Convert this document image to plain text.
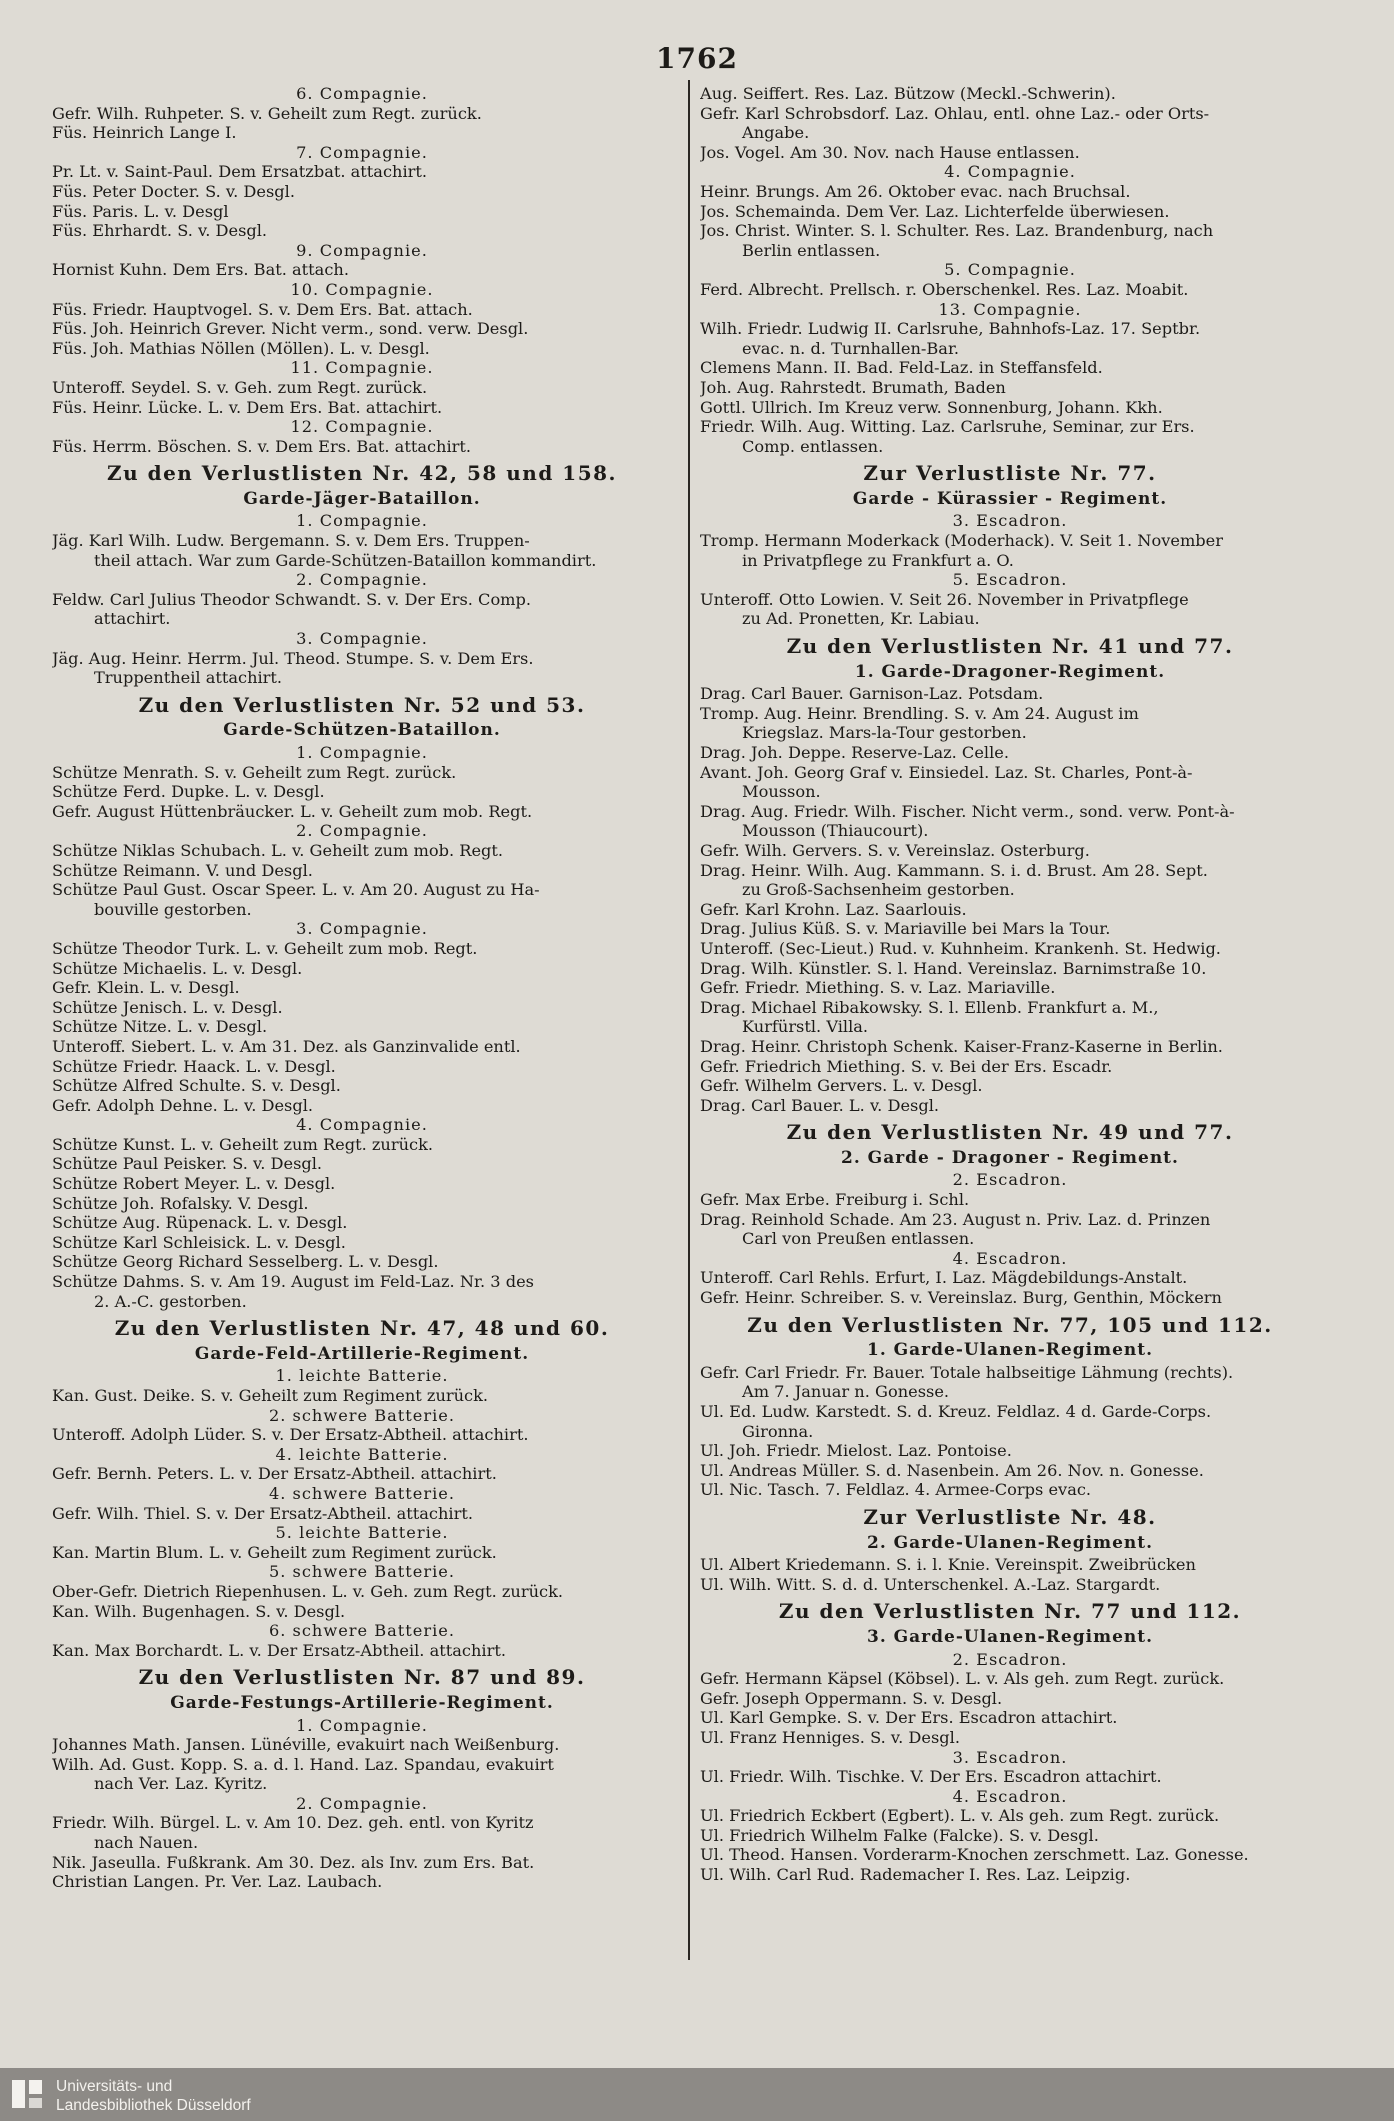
1762
6. Compagnie.
Gefr. Wilh. Ruhpeter. S. v. Geheilt zum Regt. zurück.
Füs. Heinrich Lange I.
7. Compagnie.
Pr. Lt. v. Saint-Paul. Dem Ersatzbat. attachirt.
Füs. Peter Docter. S. v. Desgl.
Füs. Paris. L. v. Desgl
Füs. Ehrhardt. S. v. Desgl.
9. Compagnie.
Hornist Kuhn. Dem Ers. Bat. attach.
10. Compagnie.
Füs. Friedr. Hauptvogel. S. v. Dem Ers. Bat. attach.
Füs. Joh. Heinrich Grever. Nicht verm., sond. verw. Desgl.
Füs. Joh. Mathias Nöllen (Möllen). L. v. Desgl.
11. Compagnie.
Unteroff. Seydel. S. v. Geh. zum Regt. zurück.
Füs. Heinr. Lücke. L. v. Dem Ers. Bat. attachirt.
12. Compagnie.
Füs. Herrm. Böschen. S. v. Dem Ers. Bat. attachirt.
Zu den Verlustlisten Nr. 42, 58 und 158.
Garde-Jäger-Bataillon.
1. Compagnie.
Jäg. Karl Wilh. Ludw. Bergemann. S. v. Dem Ers. Truppen-
theil attach. War zum Garde-Schützen-Bataillon kommandirt.
2. Compagnie.
Feldw. Carl Julius Theodor Schwandt. S. v. Der Ers. Comp.
attachirt.
3. Compagnie.
Jäg. Aug. Heinr. Herrm. Jul. Theod. Stumpe. S. v. Dem Ers.
Truppentheil attachirt.
Zu den Verlustlisten Nr. 52 und 53.
Garde-Schützen-Bataillon.
1. Compagnie.
Schütze Menrath. S. v. Geheilt zum Regt. zurück.
Schütze Ferd. Dupke. L. v. Desgl.
Gefr. August Hüttenbräucker. L. v. Geheilt zum mob. Regt.
2. Compagnie.
Schütze Niklas Schubach. L. v. Geheilt zum mob. Regt.
Schütze Reimann. V. und Desgl.
Schütze Paul Gust. Oscar Speer. L. v. Am 20. August zu Ha-
bouville gestorben.
3. Compagnie.
Schütze Theodor Turk. L. v. Geheilt zum mob. Regt.
Schütze Michaelis. L. v. Desgl.
Gefr. Klein. L. v. Desgl.
Schütze Jenisch. L. v. Desgl.
Schütze Nitze. L. v. Desgl.
Unteroff. Siebert. L. v. Am 31. Dez. als Ganzinvalide entl.
Schütze Friedr. Haack. L. v. Desgl.
Schütze Alfred Schulte. S. v. Desgl.
Gefr. Adolph Dehne. L. v. Desgl.
4. Compagnie.
Schütze Kunst. L. v. Geheilt zum Regt. zurück.
Schütze Paul Peisker. S. v. Desgl.
Schütze Robert Meyer. L. v. Desgl.
Schütze Joh. Rofalsky. V. Desgl.
Schütze Aug. Rüpenack. L. v. Desgl.
Schütze Karl Schleisick. L. v. Desgl.
Schütze Georg Richard Sesselberg. L. v. Desgl.
Schütze Dahms. S. v. Am 19. August im Feld-Laz. Nr. 3 des
2. A.-C. gestorben.
Zu den Verlustlisten Nr. 47, 48 und 60.
Garde-Feld-Artillerie-Regiment.
1. leichte Batterie.
Kan. Gust. Deike. S. v. Geheilt zum Regiment zurück.
2. schwere Batterie.
Unteroff. Adolph Lüder. S. v. Der Ersatz-Abtheil. attachirt.
4. leichte Batterie.
Gefr. Bernh. Peters. L. v. Der Ersatz-Abtheil. attachirt.
4. schwere Batterie.
Gefr. Wilh. Thiel. S. v. Der Ersatz-Abtheil. attachirt.
5. leichte Batterie.
Kan. Martin Blum. L. v. Geheilt zum Regiment zurück.
5. schwere Batterie.
Ober-Gefr. Dietrich Riepenhusen. L. v. Geh. zum Regt. zurück.
Kan. Wilh. Bugenhagen. S. v. Desgl.
6. schwere Batterie.
Kan. Max Borchardt. L. v. Der Ersatz-Abtheil. attachirt.
Zu den Verlustlisten Nr. 87 und 89.
Garde-Festungs-Artillerie-Regiment.
1. Compagnie.
Johannes Math. Jansen. Lünéville, evakuirt nach Weißenburg.
Wilh. Ad. Gust. Kopp. S. a. d. l. Hand. Laz. Spandau, evakuirt
nach Ver. Laz. Kyritz.
2. Compagnie.
Friedr. Wilh. Bürgel. L. v. Am 10. Dez. geh. entl. von Kyritz
nach Nauen.
Nik. Jaseulla. Fußkrank. Am 30. Dez. als Inv. zum Ers. Bat.
Christian Langen. Pr. Ver. Laz. Laubach.
Aug. Seiffert. Res. Laz. Bützow (Meckl.-Schwerin).
Gefr. Karl Schrobsdorf. Laz. Ohlau, entl. ohne Laz.- oder Orts-
Angabe.
Jos. Vogel. Am 30. Nov. nach Hause entlassen.
4. Compagnie.
Heinr. Brungs. Am 26. Oktober evac. nach Bruchsal.
Jos. Schemainda. Dem Ver. Laz. Lichterfelde überwiesen.
Jos. Christ. Winter. S. l. Schulter. Res. Laz. Brandenburg, nach
Berlin entlassen.
5. Compagnie.
Ferd. Albrecht. Prellsch. r. Oberschenkel. Res. Laz. Moabit.
13. Compagnie.
Wilh. Friedr. Ludwig II. Carlsruhe, Bahnhofs-Laz. 17. Septbr.
evac. n. d. Turnhallen-Bar.
Clemens Mann. II. Bad. Feld-Laz. in Steffansfeld.
Joh. Aug. Rahrstedt. Brumath, Baden
Gottl. Ullrich. Im Kreuz verw. Sonnenburg, Johann. Kkh.
Friedr. Wilh. Aug. Witting. Laz. Carlsruhe, Seminar, zur Ers.
Comp. entlassen.
Zur Verlustliste Nr. 77.
Garde - Kürassier - Regiment.
3. Escadron.
Tromp. Hermann Moderkack (Moderhack). V. Seit 1. November
in Privatpflege zu Frankfurt a. O.
5. Escadron.
Unteroff. Otto Lowien. V. Seit 26. November in Privatpflege
zu Ad. Pronetten, Kr. Labiau.
Zu den Verlustlisten Nr. 41 und 77.
1. Garde-Dragoner-Regiment.
Drag. Carl Bauer. Garnison-Laz. Potsdam.
Tromp. Aug. Heinr. Brendling. S. v. Am 24. August im
Kriegslaz. Mars-la-Tour gestorben.
Drag. Joh. Deppe. Reserve-Laz. Celle.
Avant. Joh. Georg Graf v. Einsiedel. Laz. St. Charles, Pont-à-
Mousson.
Drag. Aug. Friedr. Wilh. Fischer. Nicht verm., sond. verw. Pont-à-
Mousson (Thiaucourt).
Gefr. Wilh. Gervers. S. v. Vereinslaz. Osterburg.
Drag. Heinr. Wilh. Aug. Kammann. S. i. d. Brust. Am 28. Sept.
zu Groß-Sachsenheim gestorben.
Gefr. Karl Krohn. Laz. Saarlouis.
Drag. Julius Küß. S. v. Mariaville bei Mars la Tour.
Unteroff. (Sec-Lieut.) Rud. v. Kuhnheim. Krankenh. St. Hedwig.
Drag. Wilh. Künstler. S. l. Hand. Vereinslaz. Barnimstraße 10.
Gefr. Friedr. Miething. S. v. Laz. Mariaville.
Drag. Michael Ribakowsky. S. l. Ellenb. Frankfurt a. M.,
Kurfürstl. Villa.
Drag. Heinr. Christoph Schenk. Kaiser-Franz-Kaserne in Berlin.
Gefr. Friedrich Miething. S. v. Bei der Ers. Escadr.
Gefr. Wilhelm Gervers. L. v. Desgl.
Drag. Carl Bauer. L. v. Desgl.
Zu den Verlustlisten Nr. 49 und 77.
2. Garde - Dragoner - Regiment.
2. Escadron.
Gefr. Max Erbe. Freiburg i. Schl.
Drag. Reinhold Schade. Am 23. August n. Priv. Laz. d. Prinzen
Carl von Preußen entlassen.
4. Escadron.
Unteroff. Carl Rehls. Erfurt, I. Laz. Mägdebildungs-Anstalt.
Gefr. Heinr. Schreiber. S. v. Vereinslaz. Burg, Genthin, Möckern
Zu den Verlustlisten Nr. 77, 105 und 112.
1. Garde-Ulanen-Regiment.
Gefr. Carl Friedr. Fr. Bauer. Totale halbseitige Lähmung (rechts).
Am 7. Januar n. Gonesse.
Ul. Ed. Ludw. Karstedt. S. d. Kreuz. Feldlaz. 4 d. Garde-Corps.
Gironna.
Ul. Joh. Friedr. Mielost. Laz. Pontoise.
Ul. Andreas Müller. S. d. Nasenbein. Am 26. Nov. n. Gonesse.
Ul. Nic. Tasch. 7. Feldlaz. 4. Armee-Corps evac.
Zur Verlustliste Nr. 48.
2. Garde-Ulanen-Regiment.
Ul. Albert Kriedemann. S. i. l. Knie. Vereinspit. Zweibrücken
Ul. Wilh. Witt. S. d. d. Unterschenkel. A.-Laz. Stargardt.
Zu den Verlustlisten Nr. 77 und 112.
3. Garde-Ulanen-Regiment.
2. Escadron.
Gefr. Hermann Käpsel (Köbsel). L. v. Als geh. zum Regt. zurück.
Gefr. Joseph Oppermann. S. v. Desgl.
Ul. Karl Gempke. S. v. Der Ers. Escadron attachirt.
Ul. Franz Henniges. S. v. Desgl.
3. Escadron.
Ul. Friedr. Wilh. Tischke. V. Der Ers. Escadron attachirt.
4. Escadron.
Ul. Friedrich Eckbert (Egbert). L. v. Als geh. zum Regt. zurück.
Ul. Friedrich Wilhelm Falke (Falcke). S. v. Desgl.
Ul. Theod. Hansen. Vorderarm-Knochen zerschmett. Laz. Gonesse.
Ul. Wilh. Carl Rud. Rademacher I. Res. Laz. Leipzig.
Universitäts- und
Landesbibliothek Düsseldorf
